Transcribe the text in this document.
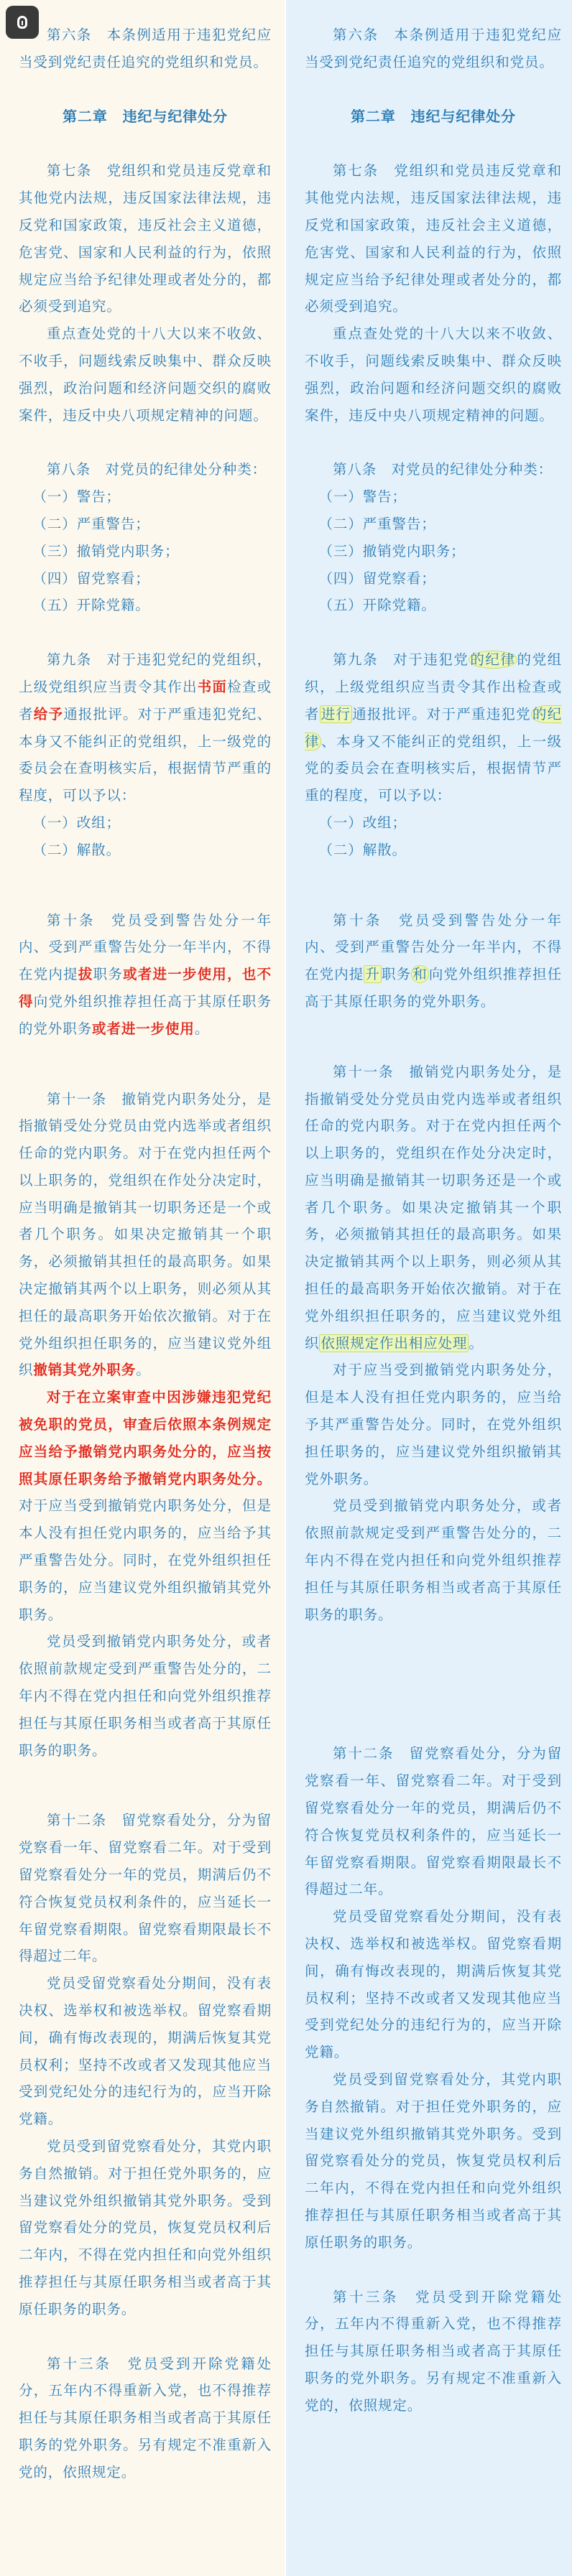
第六条　本条例适用于违犯党纪应当受到党纪责任追究的党组织和党员。

第二章　违纪与纪律处分

第七条　党组织和党员违反党章和其他党内法规，违反国家法律法规，违反党和国家政策，违反社会主义道德，危害党、国家和人民利益的行为，依照规定应当给予纪律处理或者处分的，都必须受到追究。

重点查处党的十八大以来不收敛、不收手，问题线索反映集中、群众反映强烈，政治问题和经济问题交织的腐败案件，违反中央八项规定精神的问题。

第八条　对党员的纪律处分种类：

（一）警告；

（二）严重警告；

（三）撤销党内职务；

（四）留党察看；

（五）开除党籍。

第九条　对于违犯党纪的党组织，上级党组织应当责令其作出书面检查或者给予通报批评。对于严重违犯党纪、本身又不能纠正的党组织，上一级党的委员会在查明核实后，根据情节严重的程度，可以予以：

（一）改组；

（二）解散。

第十条　党员受到警告处分一年内、受到严重警告处分一年半内，不得在党内提拔职务或者进一步使用，也不得向党外组织推荐担任高于其原任职务的党外职务或者进一步使用。

第十一条　撤销党内职务处分，是指撤销受处分党员由党内选举或者组织任命的党内职务。对于在党内担任两个以上职务的，党组织在作处分决定时，应当明确是撤销其一切职务还是一个或者几个职务。如果决定撤销其一个职务，必须撤销其担任的最高职务。如果决定撤销其两个以上职务，则必须从其担任的最高职务开始依次撤销。对于在党外组织担任职务的，应当建议党外组织撤销其党外职务。

对于在立案审查中因涉嫌违犯党纪被免职的党员，审查后依照本条例规定应当给予撤销党内职务处分的，应当按照其原任职务给予撤销党内职务处分。对于应当受到撤销党内职务处分，但是本人没有担任党内职务的，应当给予其严重警告处分。同时，在党外组织担任职务的，应当建议党外组织撤销其党外职务。

党员受到撤销党内职务处分，或者依照前款规定受到严重警告处分的，二年内不得在党内担任和向党外组织推荐担任与其原任职务相当或者高于其原任职务的职务。

第十二条　留党察看处分，分为留党察看一年、留党察看二年。对于受到留党察看处分一年的党员，期满后仍不符合恢复党员权利条件的，应当延长一年留党察看期限。留党察看期限最长不得超过二年。

党员受留党察看处分期间，没有表决权、选举权和被选举权。留党察看期间，确有悔改表现的，期满后恢复其党员权利；坚持不改或者又发现其他应当受到党纪处分的违纪行为的，应当开除党籍。

党员受到留党察看处分，其党内职务自然撤销。对于担任党外职务的，应当建议党外组织撤销其党外职务。受到留党察看处分的党员，恢复党员权利后二年内，不得在党内担任和向党外组织推荐担任与其原任职务相当或者高于其原任职务的职务。

第十三条　党员受到开除党籍处分，五年内不得重新入党，也不得推荐担任与其原任职务相当或者高于其原任职务的党外职务。另有规定不准重新入党的，依照规定。

第六条　本条例适用于违犯党纪应当受到党纪责任追究的党组织和党员。

第二章　违纪与纪律处分

第七条　党组织和党员违反党章和其他党内法规，违反国家法律法规，违反党和国家政策，违反社会主义道德，危害党、国家和人民利益的行为，依照规定应当给予纪律处理或者处分的，都必须受到追究。

重点查处党的十八大以来不收敛、不收手，问题线索反映集中、群众反映强烈，政治问题和经济问题交织的腐败案件，违反中央八项规定精神的问题。

第八条　对党员的纪律处分种类：

（一）警告；

（二）严重警告；

（三）撤销党内职务；

（四）留党察看；

（五）开除党籍。

第九条　对于违犯党 的纪律 的党组织，上级党组织应当责令其作出检查或者 进行 通报批评。对于严重违犯党 的纪律 、本身又不能纠正的党组织，上一级党的委员会在查明核实后，根据情节严重的程度，可以予以：

（一）改组；

（二）解散。

第十条　党员受到警告处分一年内、受到严重警告处分一年半内，不得在党内提 升 职务 和 向党外组织推荐担任高于其原任职务的党外职务。

第十一条　撤销党内职务处分，是指撤销受处分党员由党内选举或者组织任命的党内职务。对于在党内担任两个以上职务的，党组织在作处分决定时，应当明确是撤销其一切职务还是一个或者几个职务。如果决定撤销其一个职务，必须撤销其担任的最高职务。如果决定撤销其两个以上职务，则必须从其担任的最高职务开始依次撤销。对于在党外组织担任职务的，应当建议党外组织 依照规定作出相应处理 。

对于应当受到撤销党内职务处分，但是本人没有担任党内职务的，应当给予其严重警告处分。同时，在党外组织担任职务的，应当建议党外组织撤销其党外职务。

党员受到撤销党内职务处分，或者依照前款规定受到严重警告处分的，二年内不得在党内担任和向党外组织推荐担任与其原任职务相当或者高于其原任职务的职务。

第十二条　留党察看处分，分为留党察看一年、留党察看二年。对于受到留党察看处分一年的党员，期满后仍不符合恢复党员权利条件的，应当延长一年留党察看期限。留党察看期限最长不得超过二年。

党员受留党察看处分期间，没有表决权、选举权和被选举权。留党察看期间，确有悔改表现的，期满后恢复其党员权利；坚持不改或者又发现其他应当受到党纪处分的违纪行为的，应当开除党籍。

党员受到留党察看处分，其党内职务自然撤销。对于担任党外职务的，应当建议党外组织撤销其党外职务。受到留党察看处分的党员，恢复党员权利后二年内，不得在党内担任和向党外组织推荐担任与其原任职务相当或者高于其原任职务的职务。

第十三条　党员受到开除党籍处分，五年内不得重新入党，也不得推荐担任与其原任职务相当或者高于其原任职务的党外职务。另有规定不准重新入党的，依照规定。
